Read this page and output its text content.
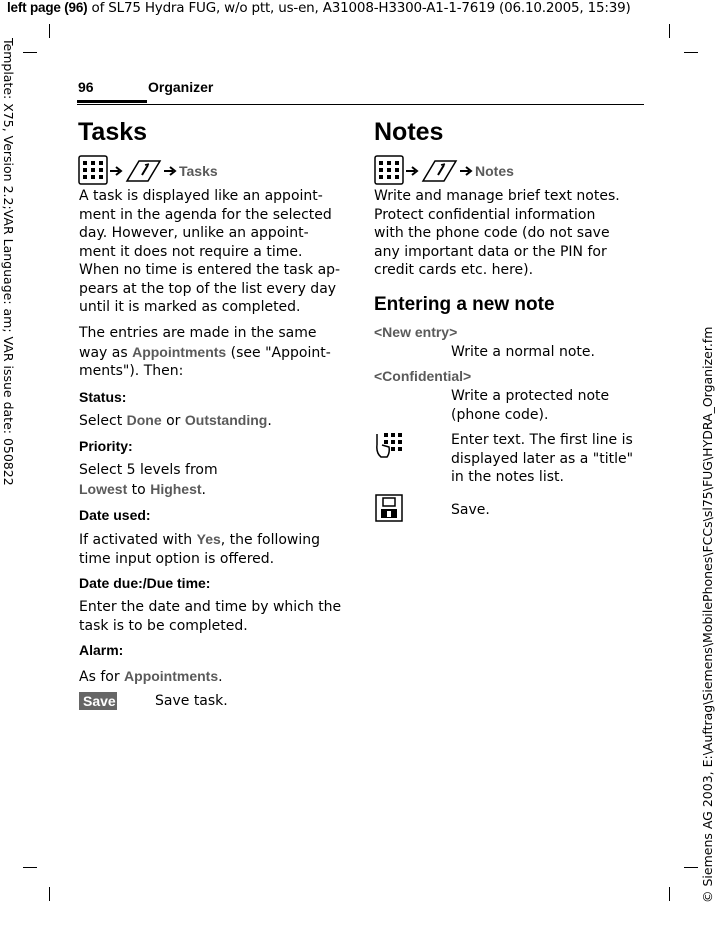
left page (96) of SL75 Hydra FUG, w/o ptt, us-en, A31008-H3300-A1-1-7619 (06.10.2005, 15:39)
Template: X75, Version 2.2;VAR Language: am; VAR issue date: 050822
© Siemens AG 2003, E:\Auftrag\Siemens\MobilePhones\FCCs\sl75\FUG\HYDRA_Organizer.fm
96	Organizer
Tasks
Tasks
A task is displayed like an appoint-
ment in the agenda for the selected
day. However, unlike an appoint-
ment it does not require a time.
When no time is entered the task ap-
pears at the top of the list every day
until it is marked as completed.
The entries are made in the same
way as Appointments (see "Appoint-
ments"). Then:
Status:
Select Done or Outstanding.
Priority:
Select 5 levels from
Lowest to Highest.
Date used:
If activated with Yes, the following
time input option is offered.
Date due:/Due time:
Enter the date and time by which the
task is to be completed.
Alarm:
As for Appointments.
Save	Save task.
Notes
Notes
Write and manage brief text notes.
Protect confidential information
with the phone code (do not save
any important data or the PIN for
credit cards etc. here).
Entering a new note
<New entry>
Write a normal note.
<Confidential>
Write a protected note
(phone code).
Enter text. The first line is
displayed later as a "title"
in the notes list.
Save.
